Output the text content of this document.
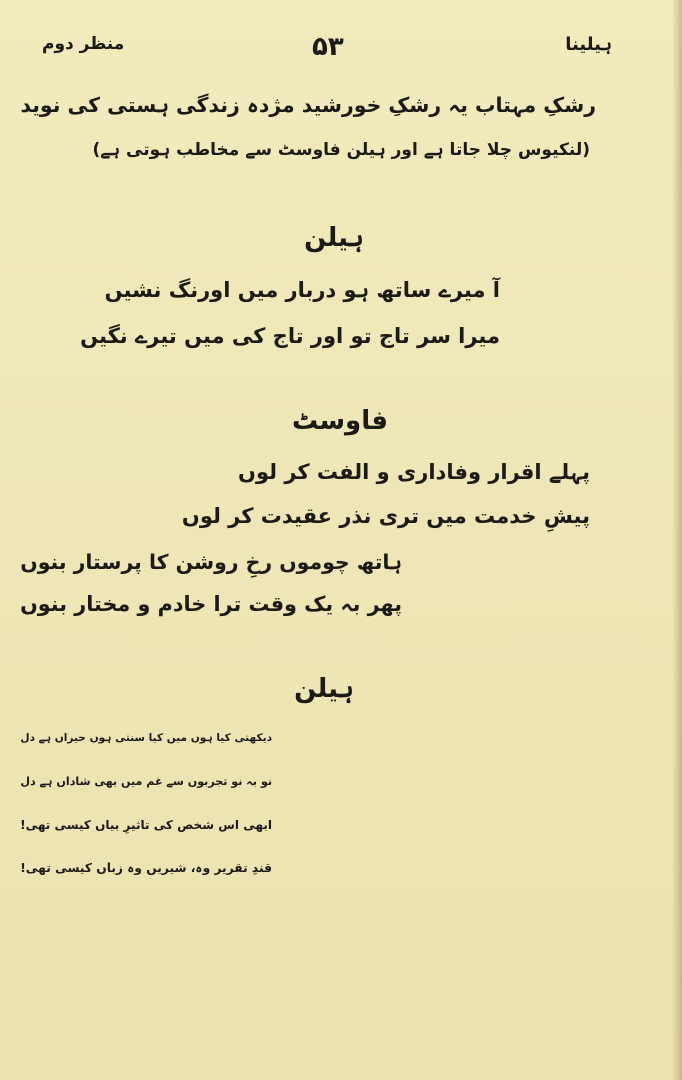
منظر دوم	۵۳	ہیلینا
رشکِ مہتاب یہ رشکِ خورشید مژدہ زندگی ہستی کی نوید
(لنکیوس چلا جاتا ہے اور ہیلن فاوسٹ سے مخاطب ہوتی ہے)
ہیلن
آ میرے ساتھ ہو دربار میں اورنگ نشیں
میرا سر تاج تو اور تاج کی میں تیرے نگیں
فاوسٹ
پہلے اقرار وفاداری و الفت کر لوں
پیشِ خدمت میں تری نذر عقیدت کر لوں
ہاتھ چوموں رخِ روشن کا پرستار بنوں
پھر بہ یک وقت ترا خادم و مختار بنوں
ہیلن
دیکھتی کیا ہوں میں کیا سنتی ہوں حیراں ہے دل
نو بہ نو تجربوں سے غم میں بھی شاداں ہے دل
ابھی اس شخص کی تاثیرِ بیاں کیسی تھی!
قندِ تقریر وہ، شیریں وہ زباں کیسی تھی!
